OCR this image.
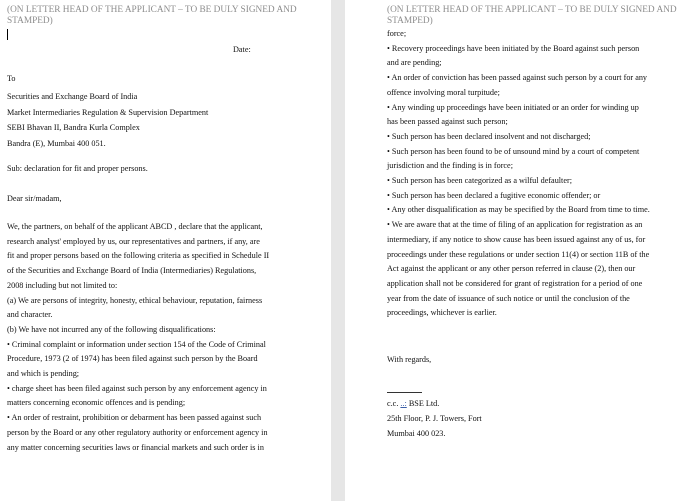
(ON LETTER HEAD OF THE APPLICANT – TO BE DULY SIGNED AND STAMPED)
Date:
To
Securities and Exchange Board of India
Market Intermediaries Regulation & Supervision Department
SEBI Bhavan II, Bandra Kurla Complex
Bandra (E), Mumbai 400 051.
Sub: declaration for fit and proper persons.
Dear sir/madam,
We, the partners, on behalf of the applicant ABCD , declare that the applicant,
research analyst' employed by us, our representatives and partners, if any, are
fit and proper persons based on the following criteria as specified in Schedule II
of the Securities and Exchange Board of India (Intermediaries) Regulations,
2008 including but not limited to:
(a) We are persons of integrity, honesty, ethical behaviour, reputation, fairness
and character.
(b) We have not incurred any of the following disqualifications:
• Criminal complaint or information under section 154 of the Code of Criminal
Procedure, 1973 (2 of 1974) has been filed against such person by the Board
and which is pending;
• charge sheet has been filed against such person by any enforcement agency in
matters concerning economic offences and is pending;
• An order of restraint, prohibition or debarment has been passed against such
person by the Board or any other regulatory authority or enforcement agency in
any matter concerning securities laws or financial markets and such order is in
(ON LETTER HEAD OF THE APPLICANT – TO BE DULY SIGNED AND STAMPED)
force;
• Recovery proceedings have been initiated by the Board against such person
and are pending;
• An order of conviction has been passed against such person by a court for any
offence involving moral turpitude;
• Any winding up proceedings have been initiated or an order for winding up
has been passed against such person;
• Such person has been declared insolvent and not discharged;
• Such person has been found to be of unsound mind by a court of competent
jurisdiction and the finding is in force;
• Such person has been categorized as a wilful defaulter;
• Such person has been declared a fugitive economic offender; or
• Any other disqualification as may be specified by the Board from time to time.
• We are aware that at the time of filing of an application for registration as an
intermediary, if any notice to show cause has been issued against any of us, for
proceedings under these regulations or under section 11(4) or section 11B of the
Act against the applicant or any other person referred in clause (2), then our
application shall not be considered for grant of registration for a period of one
year from the date of issuance of such notice or until the conclusion of the
proceedings, whichever is earlier.
With regards,
c.c. ..: BSE Ltd.
25th Floor, P. J. Towers, Fort
Mumbai 400 023.
